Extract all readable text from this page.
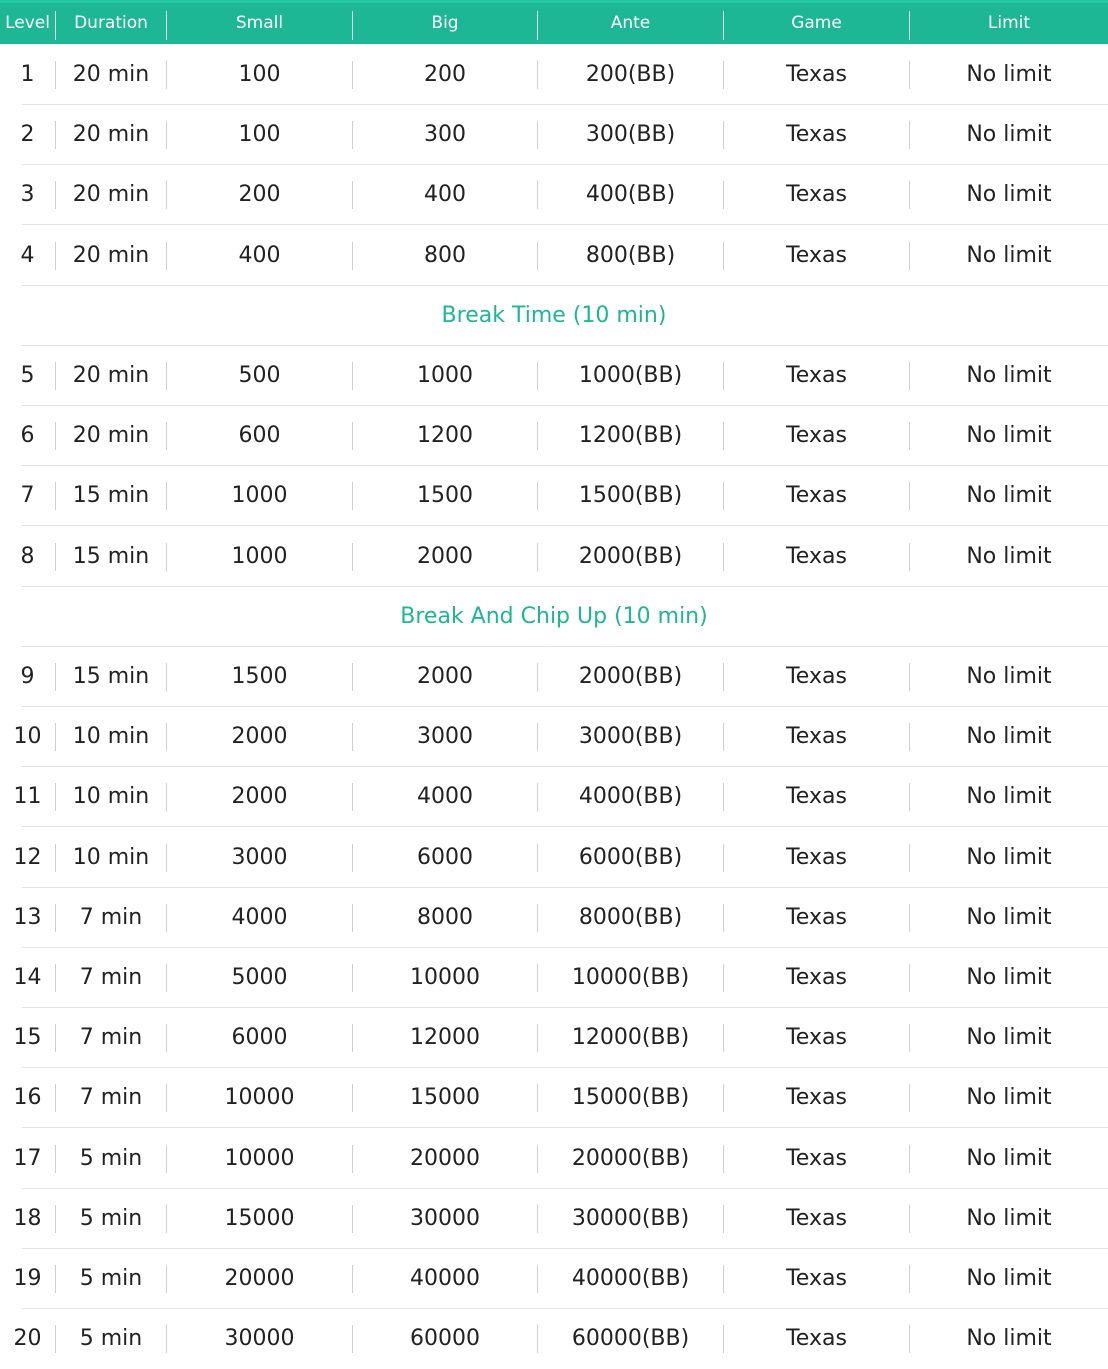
Level	Duration	Small	Big	Ante	Game	Limit
1	20 min	100	200	200(BB)	Texas	No limit
2	20 min	100	300	300(BB)	Texas	No limit
3	20 min	200	400	400(BB)	Texas	No limit
4	20 min	400	800	800(BB)	Texas	No limit
Break Time (10 min)
5	20 min	500	1000	1000(BB)	Texas	No limit
6	20 min	600	1200	1200(BB)	Texas	No limit
7	15 min	1000	1500	1500(BB)	Texas	No limit
8	15 min	1000	2000	2000(BB)	Texas	No limit
Break And Chip Up (10 min)
9	15 min	1500	2000	2000(BB)	Texas	No limit
10	10 min	2000	3000	3000(BB)	Texas	No limit
11	10 min	2000	4000	4000(BB)	Texas	No limit
12	10 min	3000	6000	6000(BB)	Texas	No limit
13	7 min	4000	8000	8000(BB)	Texas	No limit
14	7 min	5000	10000	10000(BB)	Texas	No limit
15	7 min	6000	12000	12000(BB)	Texas	No limit
16	7 min	10000	15000	15000(BB)	Texas	No limit
17	5 min	10000	20000	20000(BB)	Texas	No limit
18	5 min	15000	30000	30000(BB)	Texas	No limit
19	5 min	20000	40000	40000(BB)	Texas	No limit
20	5 min	30000	60000	60000(BB)	Texas	No limit
